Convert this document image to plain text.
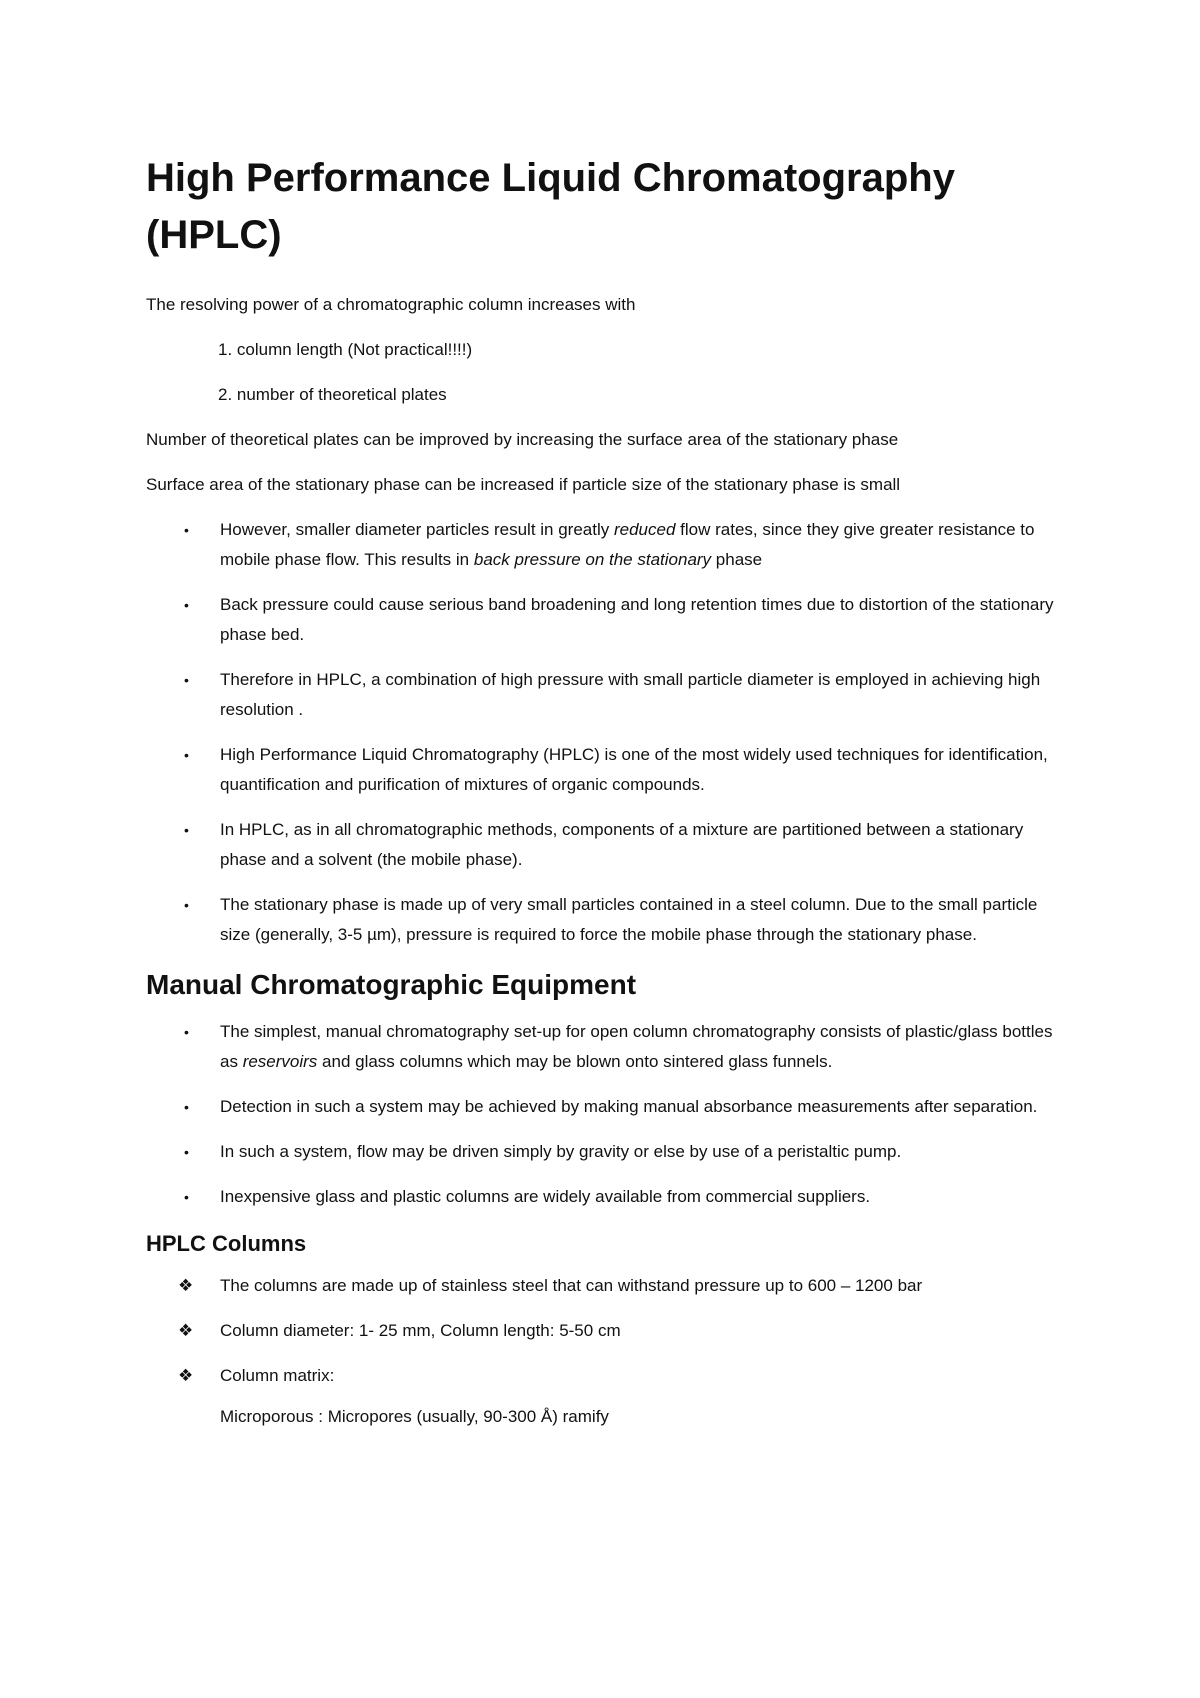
High Performance Liquid Chromatography (HPLC)

The resolving power of a chromatographic column increases with

1. column length (Not practical!!!!)

2. number of theoretical plates

Number of theoretical plates can be improved by increasing the surface area of the stationary phase

Surface area of the stationary phase can be increased if particle size of the stationary phase is small

• However, smaller diameter particles result in greatly reduced flow rates, since they give greater resistance to mobile phase flow. This results in back pressure on the stationary phase
• Back pressure could cause serious band broadening and long retention times due to distortion of the stationary phase bed.
• Therefore in HPLC, a combination of high pressure with small particle diameter is employed in achieving high resolution .
• High Performance Liquid Chromatography (HPLC) is one of the most widely used techniques for identification, quantification and purification of mixtures of organic compounds.
• In HPLC, as in all chromatographic methods, components of a mixture are partitioned between a stationary phase and a solvent (the mobile phase).
• The stationary phase is made up of very small particles contained in a steel column. Due to the small particle size (generally, 3-5 µm), pressure is required to force the mobile phase through the stationary phase.
Manual Chromatographic Equipment
• The simplest, manual chromatography set-up for open column chromatography consists of plastic/glass bottles as reservoirs and glass columns which may be blown onto sintered glass funnels.
• Detection in such a system may be achieved by making manual absorbance measurements after separation.
• In such a system, flow may be driven simply by gravity or else by use of a peristaltic pump.
• Inexpensive glass and plastic columns are widely available from commercial suppliers.
HPLC Columns
❖ The columns are made up of stainless steel that can withstand pressure up to 600 – 1200 bar
❖ Column diameter: 1- 25 mm, Column length: 5-50 cm
❖ Column matrix:

Microporous : Micropores (usually, 90-300 Å) ramify
